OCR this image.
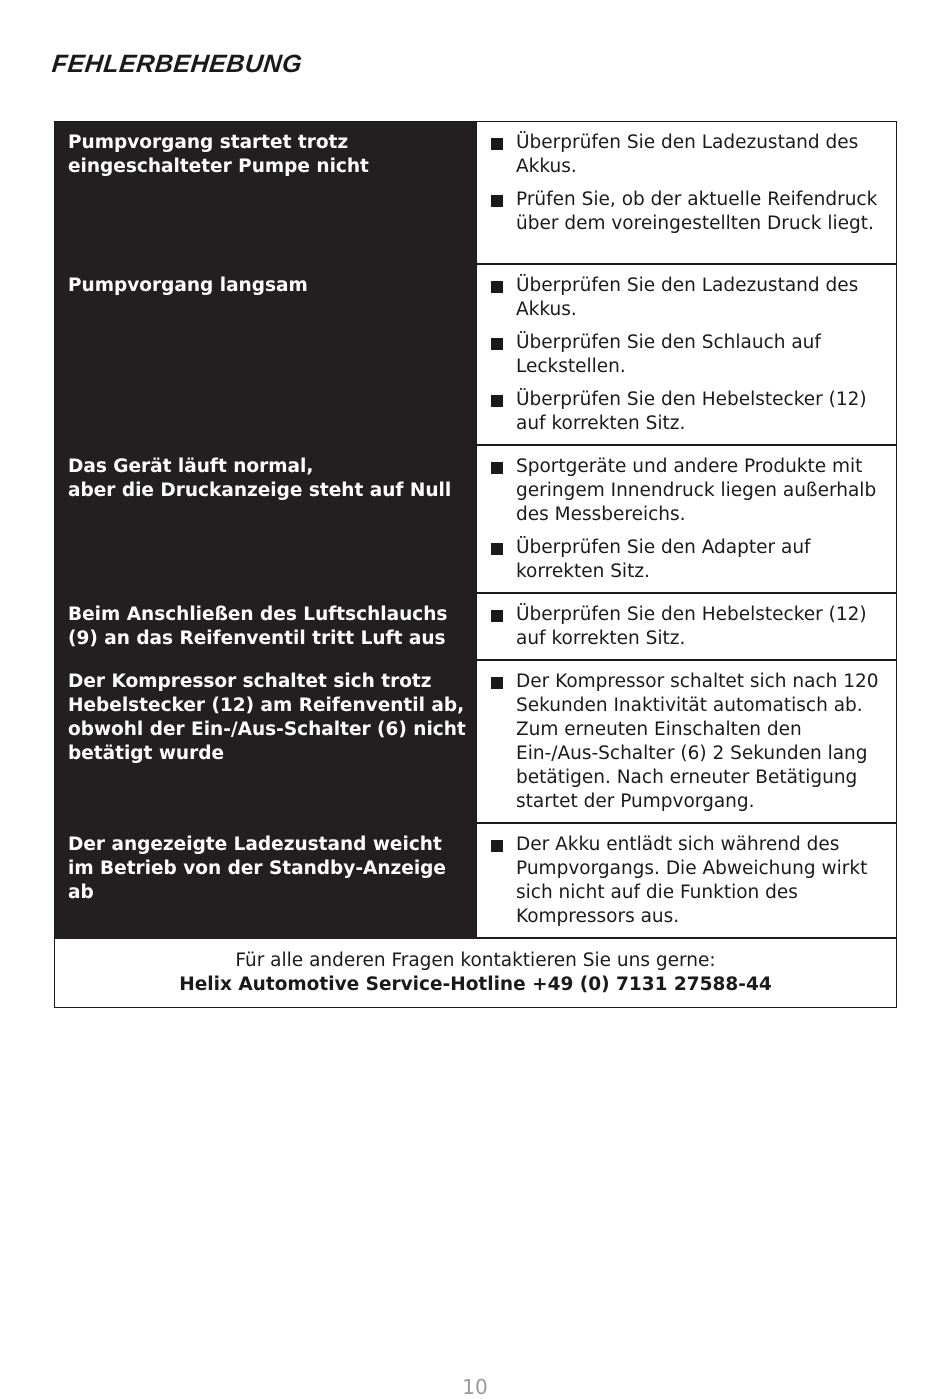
FEHLERBEHEBUNG
Pumpvorgang startet trotz eingeschalteter Pumpe nicht
Überprüfen Sie den Ladezustand des Akkus.
Prüfen Sie, ob der aktuelle Reifendruck über dem voreingestellten Druck liegt.
Pumpvorgang langsam	Überprüfen Sie den Ladezustand des Akkus.
Überprüfen Sie den Schlauch auf Leckstellen.
Überprüfen Sie den Hebelstecker (12) auf korrekten Sitz.
Das Gerät läuft normal,
aber die Druckanzeige steht auf Null
Sportgeräte und andere Produkte mit geringem Innendruck liegen außerhalb des Messbereichs.
Überprüfen Sie den Adapter auf korrekten Sitz.
Beim Anschließen des Luftschlauchs (9) an das Reifenventil tritt Luft aus
Überprüfen Sie den Hebelstecker (12) auf korrekten Sitz.
Der Kompressor schaltet sich trotz Hebelstecker (12) am Reifenventil ab, obwohl der Ein-/Aus-Schalter (6) nicht betätigt wurde
Der Kompressor schaltet sich nach 120 Sekunden Inaktivität automatisch ab. Zum erneuten Einschalten den Ein-/Aus-Schalter (6) 2 Sekunden lang betätigen. Nach erneuter Betätigung startet der Pumpvorgang.
Der angezeigte Ladezustand weicht im Betrieb von der Standby-Anzeige ab
Der Akku entlädt sich während des Pumpvorgangs. Die Abweichung wirkt sich nicht auf die Funktion des Kompressors aus.
Für alle anderen Fragen kontaktieren Sie uns gerne:
Helix Automotive Service-Hotline +49 (0) 7131 27588-44
10
